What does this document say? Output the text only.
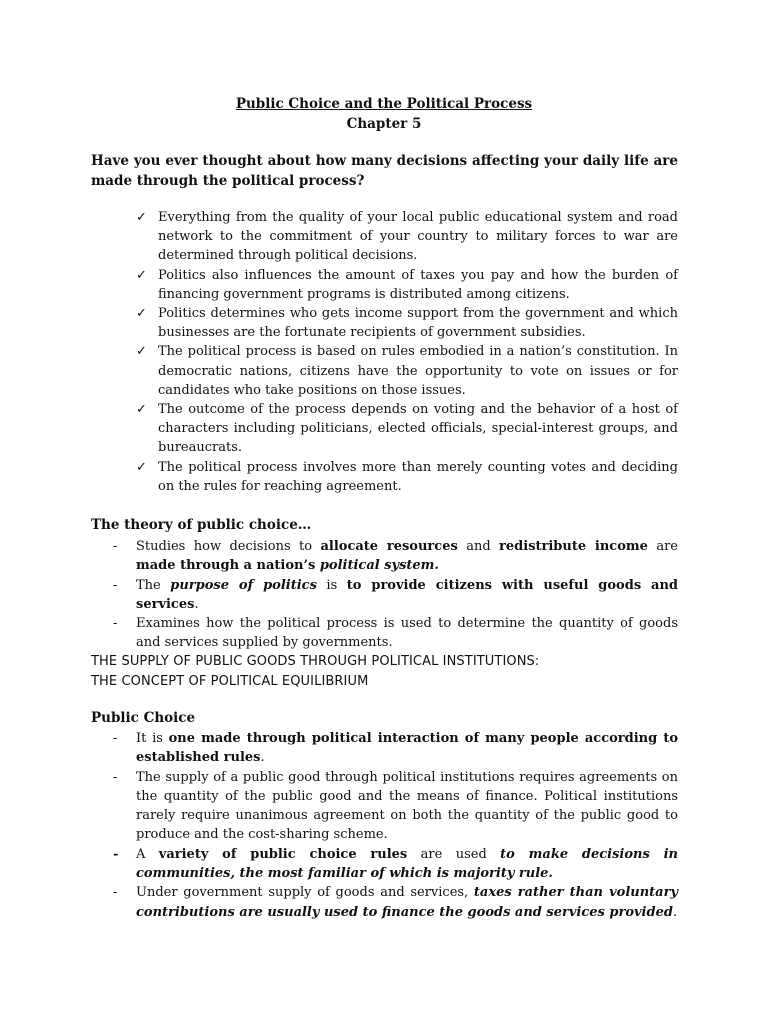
Public Choice and the Political Process
Chapter 5
Have you ever thought about how many decisions affecting your daily life are made through the political process?
✓ Everything from the quality of your local public educational system and road network to the commitment of your country to military forces to war are determined through political decisions.
✓ Politics also influences the amount of taxes you pay and how the burden of financing government programs is distributed among citizens.
✓ Politics determines who gets income support from the government and which businesses are the fortunate recipients of government subsidies.
✓ The political process is based on rules embodied in a nation’s constitution. In democratic nations, citizens have the opportunity to vote on issues or for candidates who take positions on those issues.
✓ The outcome of the process depends on voting and the behavior of a host of characters including politicians, elected officials, special-interest groups, and bureaucrats.
✓ The political process involves more than merely counting votes and deciding on the rules for reaching agreement.
The theory of public choice…
- Studies how decisions to allocate resources and redistribute income are made through a nation’s political system.
- The purpose of politics is to provide citizens with useful goods and services.
- Examines how the political process is used to determine the quantity of goods and services supplied by governments.
THE SUPPLY OF PUBLIC GOODS THROUGH POLITICAL INSTITUTIONS:
THE CONCEPT OF POLITICAL EQUILIBRIUM
Public Choice
- It is one made through political interaction of many people according to established rules.
- The supply of a public good through political institutions requires agreements on the quantity of the public good and the means of finance. Political institutions rarely require unanimous agreement on both the quantity of the public good to produce and the cost-sharing scheme.
- A variety of public choice rules are used to make decisions in communities, the most familiar of which is majority rule.
- Under government supply of goods and services, taxes rather than voluntary contributions are usually used to finance the goods and services provided.
